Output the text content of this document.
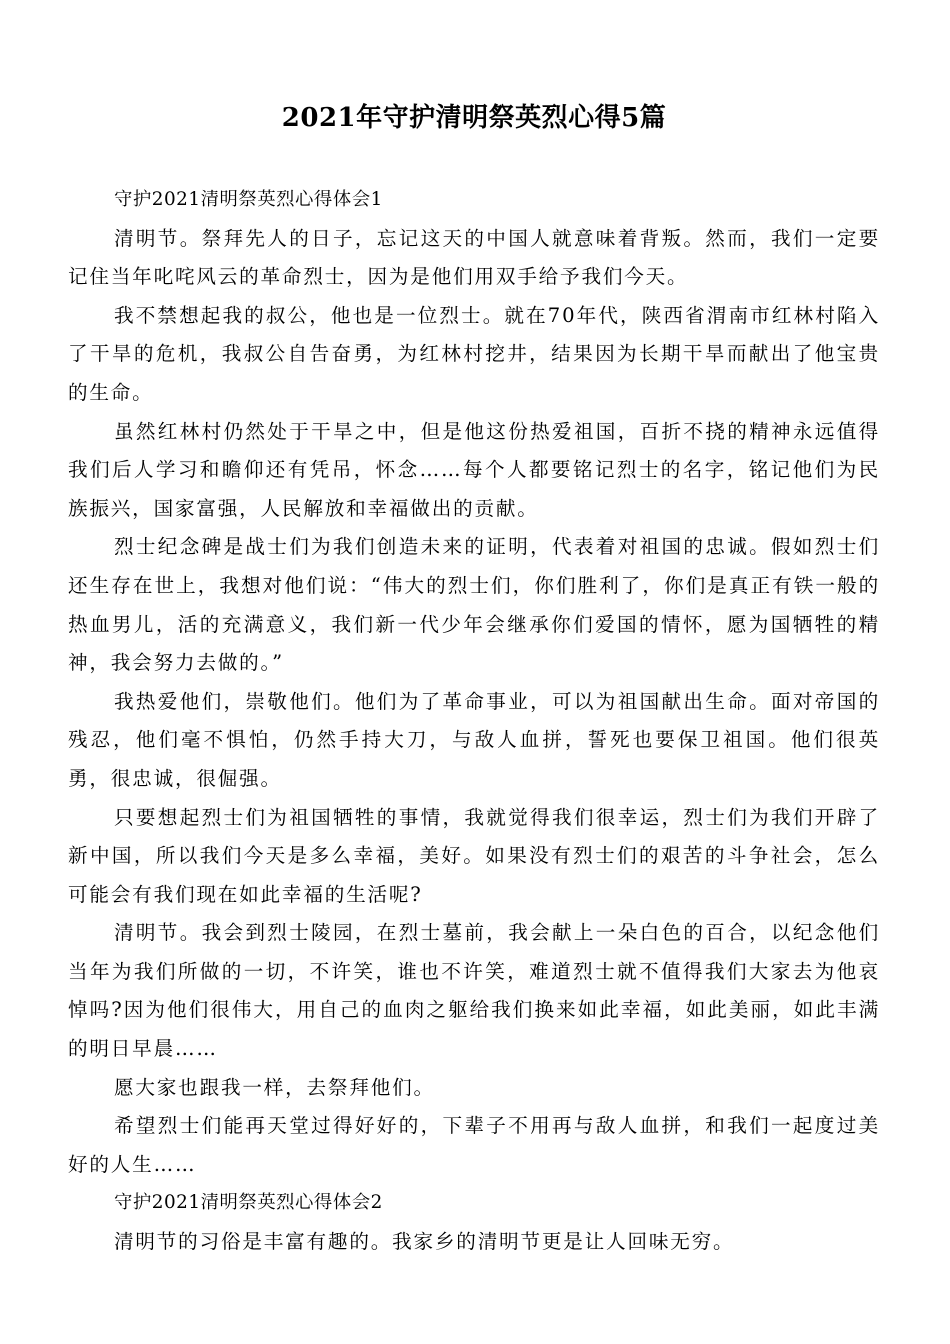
2021年守护清明祭英烈心得5篇

守护2021清明祭英烈心得体会1

清明节。祭拜先人的日子，忘记这天的中国人就意味着背叛。然而，我们一定要记住当年叱咤风云的革命烈士，因为是他们用双手给予我们今天。

我不禁想起我的叔公，他也是一位烈士。就在70年代，陕西省渭南市红林村陷入了干旱的危机，我叔公自告奋勇，为红林村挖井，结果因为长期干旱而献出了他宝贵的生命。

虽然红林村仍然处于干旱之中，但是他这份热爱祖国，百折不挠的精神永远值得我们后人学习和瞻仰还有凭吊，怀念……每个人都要铭记烈士的名字，铭记他们为民族振兴，国家富强，人民解放和幸福做出的贡献。

烈士纪念碑是战士们为我们创造未来的证明，代表着对祖国的忠诚。假如烈士们还生存在世上，我想对他们说：“伟大的烈士们，你们胜利了，你们是真正有铁一般的热血男儿，活的充满意义，我们新一代少年会继承你们爱国的情怀，愿为国牺牲的精神，我会努力去做的。”

我热爱他们，崇敬他们。他们为了革命事业，可以为祖国献出生命。面对帝国的残忍，他们毫不惧怕，仍然手持大刀，与敌人血拼，誓死也要保卫祖国。他们很英勇，很忠诚，很倔强。

只要想起烈士们为祖国牺牲的事情，我就觉得我们很幸运，烈士们为我们开辟了新中国，所以我们今天是多么幸福，美好。如果没有烈士们的艰苦的斗争社会，怎么可能会有我们现在如此幸福的生活呢?

清明节。我会到烈士陵园，在烈士墓前，我会献上一朵白色的百合，以纪念他们当年为我们所做的一切，不许笑，谁也不许笑，难道烈士就不值得我们大家去为他哀悼吗?因为他们很伟大，用自己的血肉之躯给我们换来如此幸福，如此美丽，如此丰满的明日早晨……

愿大家也跟我一样，去祭拜他们。

希望烈士们能再天堂过得好好的，下辈子不用再与敌人血拼，和我们一起度过美好的人生……

守护2021清明祭英烈心得体会2

清明节的习俗是丰富有趣的。我家乡的清明节更是让人回味无穷。
